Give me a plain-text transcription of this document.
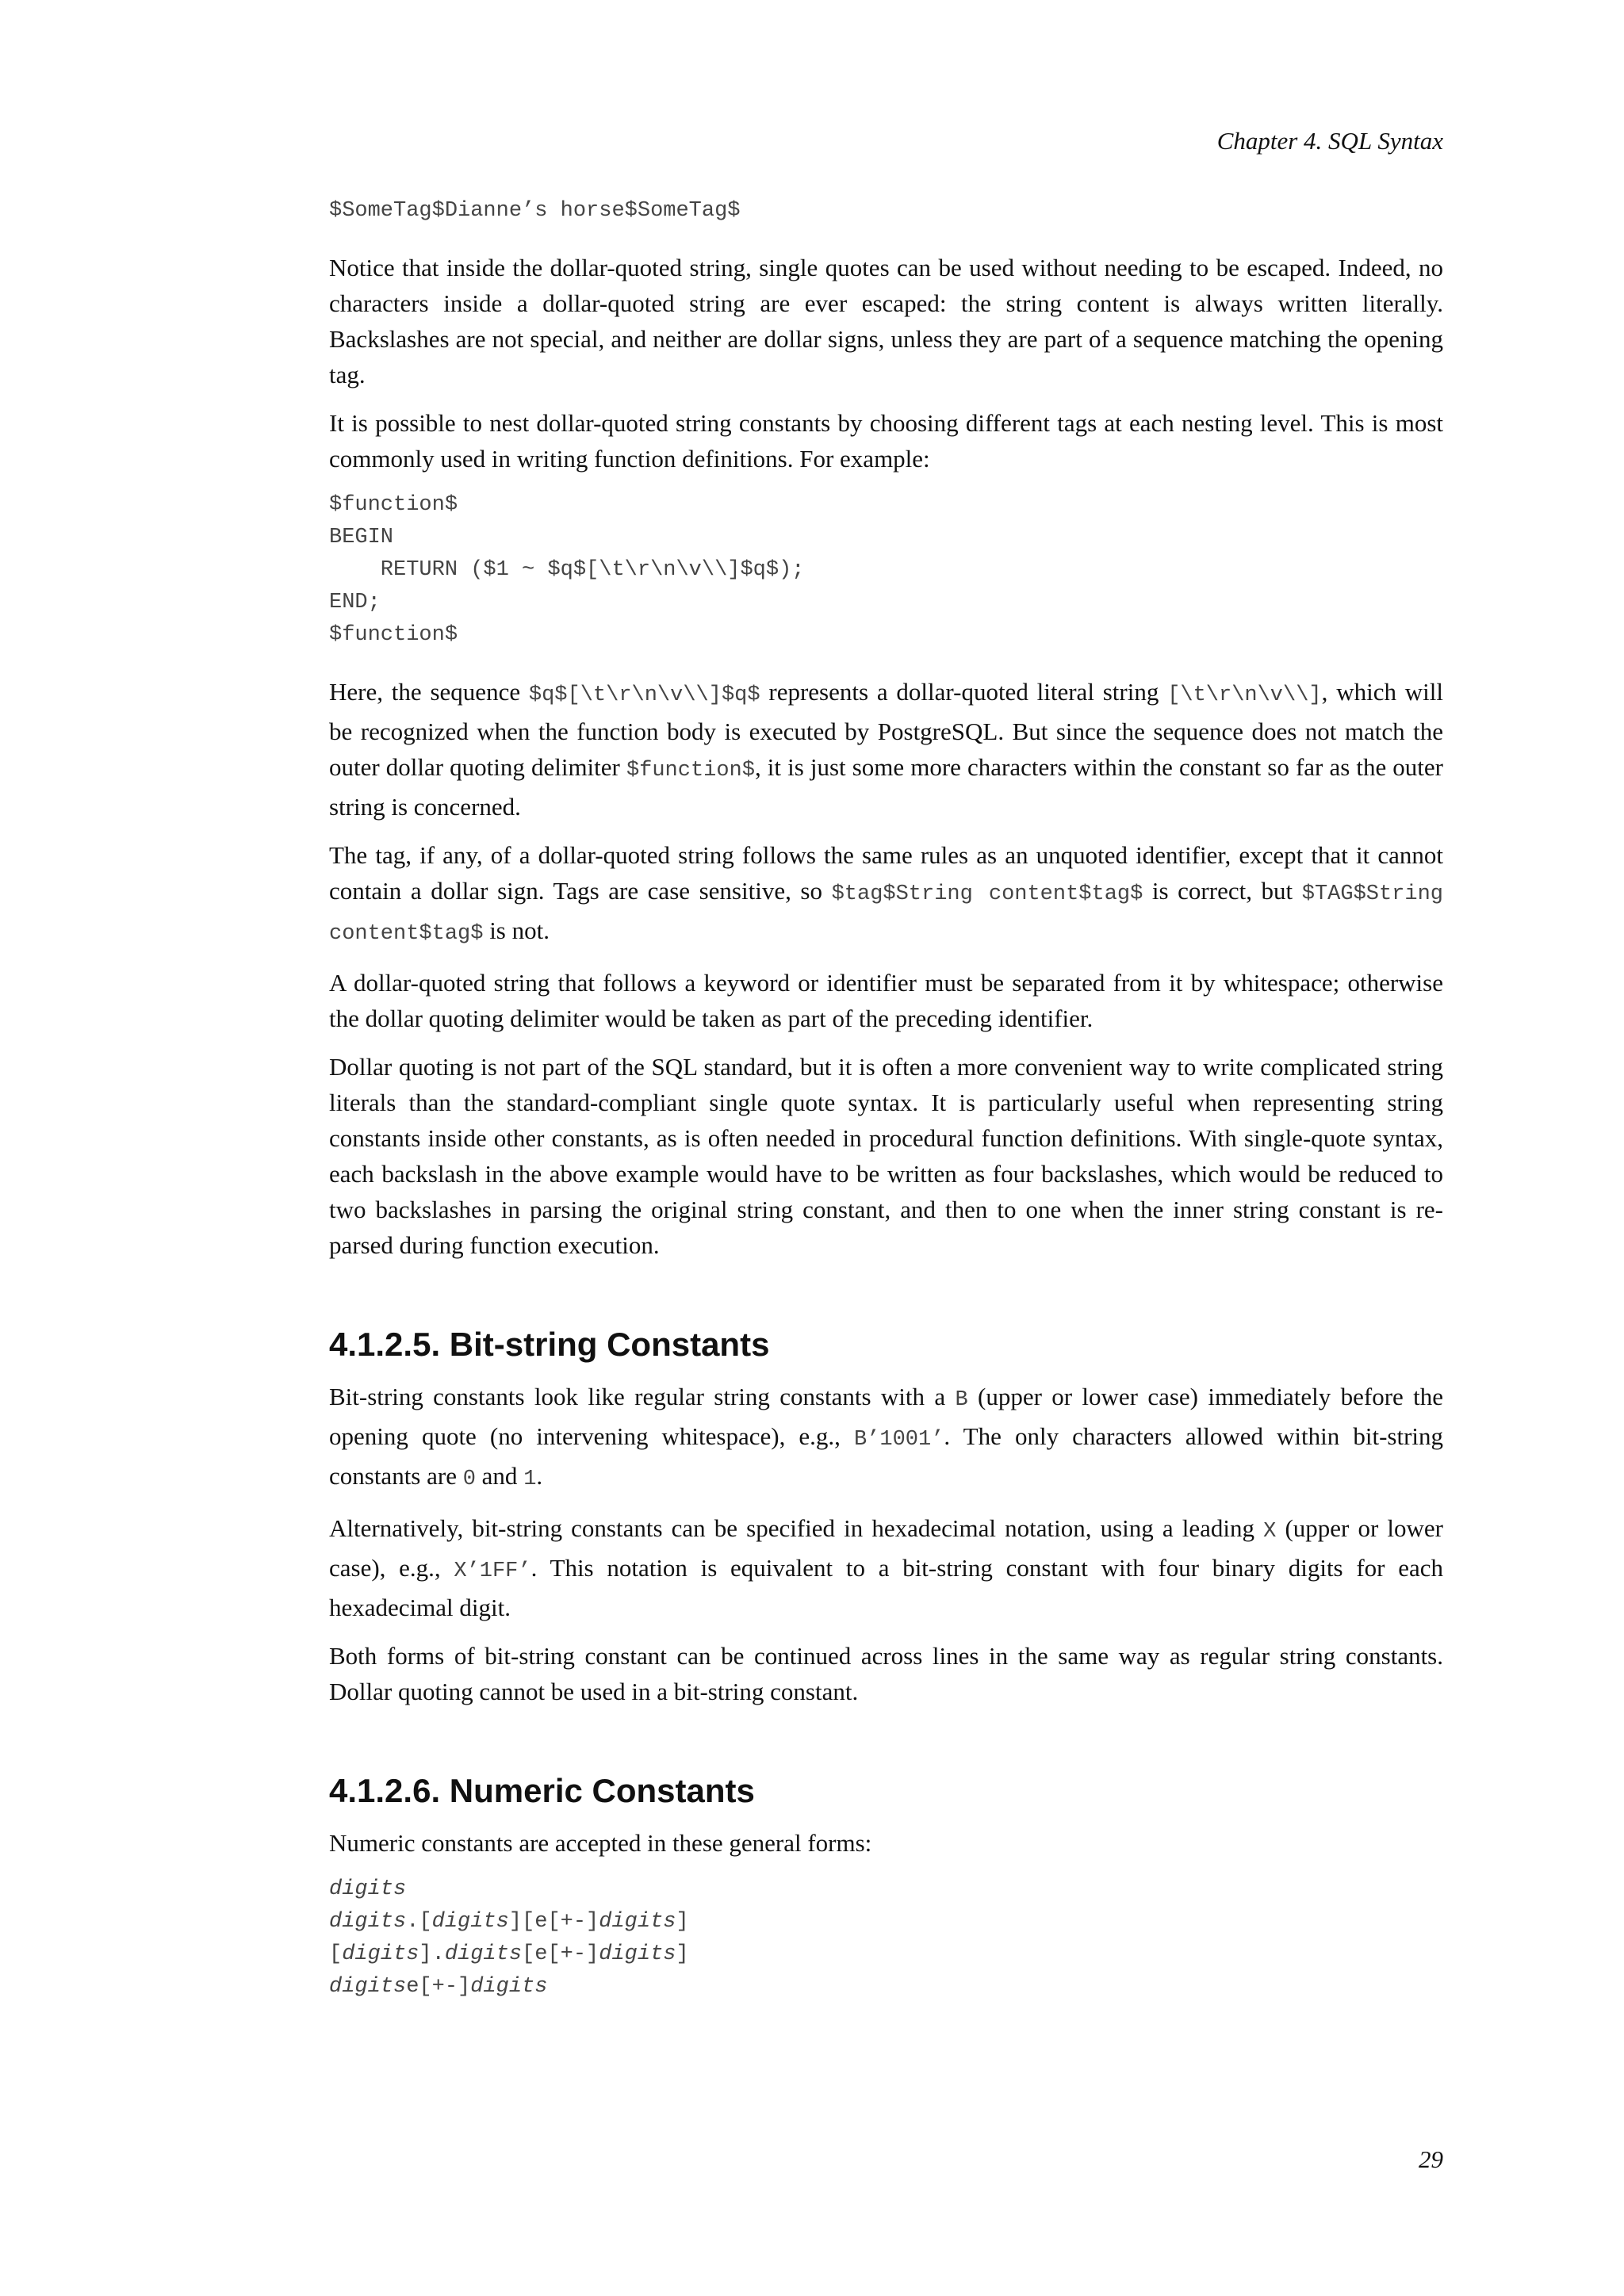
Chapter 4. SQL Syntax
$SomeTag$Dianne’s horse$SomeTag$

Notice that inside the dollar-quoted string, single quotes can be used without needing to be escaped. Indeed, no characters inside a dollar-quoted string are ever escaped: the string content is always written literally. Backslashes are not special, and neither are dollar signs, unless they are part of a sequence matching the opening tag.

It is possible to nest dollar-quoted string constants by choosing different tags at each nesting level. This is most commonly used in writing function definitions. For example:

$function$
BEGIN
RETURN ($1 ~ $q$[\t\r\n\v\\]$q$);
END;
$function$

Here, the sequence $q$[\t\r\n\v\\]$q$ represents a dollar-quoted literal string [\t\r\n\v\\], which will be recognized when the function body is executed by PostgreSQL. But since the sequence does not match the outer dollar quoting delimiter $function$, it is just some more characters within the constant so far as the outer string is concerned.

The tag, if any, of a dollar-quoted string follows the same rules as an unquoted identifier, except that it cannot contain a dollar sign. Tags are case sensitive, so $tag$String content$tag$ is correct, but $TAG$String content$tag$ is not.

A dollar-quoted string that follows a keyword or identifier must be separated from it by whitespace; otherwise the dollar quoting delimiter would be taken as part of the preceding identifier.

Dollar quoting is not part of the SQL standard, but it is often a more convenient way to write complicated string literals than the standard-compliant single quote syntax. It is particularly useful when representing string constants inside other constants, as is often needed in procedural function definitions. With single-quote syntax, each backslash in the above example would have to be written as four backslashes, which would be reduced to two backslashes in parsing the original string constant, and then to one when the inner string constant is re-parsed during function execution.

4.1.2.5. Bit-string Constants

Bit-string constants look like regular string constants with a B (upper or lower case) immediately before the opening quote (no intervening whitespace), e.g., B’1001’. The only characters allowed within bit-string constants are 0 and 1.

Alternatively, bit-string constants can be specified in hexadecimal notation, using a leading X (upper or lower case), e.g., X’1FF’. This notation is equivalent to a bit-string constant with four binary digits for each hexadecimal digit.

Both forms of bit-string constant can be continued across lines in the same way as regular string constants. Dollar quoting cannot be used in a bit-string constant.

4.1.2.6. Numeric Constants

Numeric constants are accepted in these general forms:

digits
digits.[digits][e[+-]digits]
[digits].digits[e[+-]digits]
digitse[+-]digits
29
